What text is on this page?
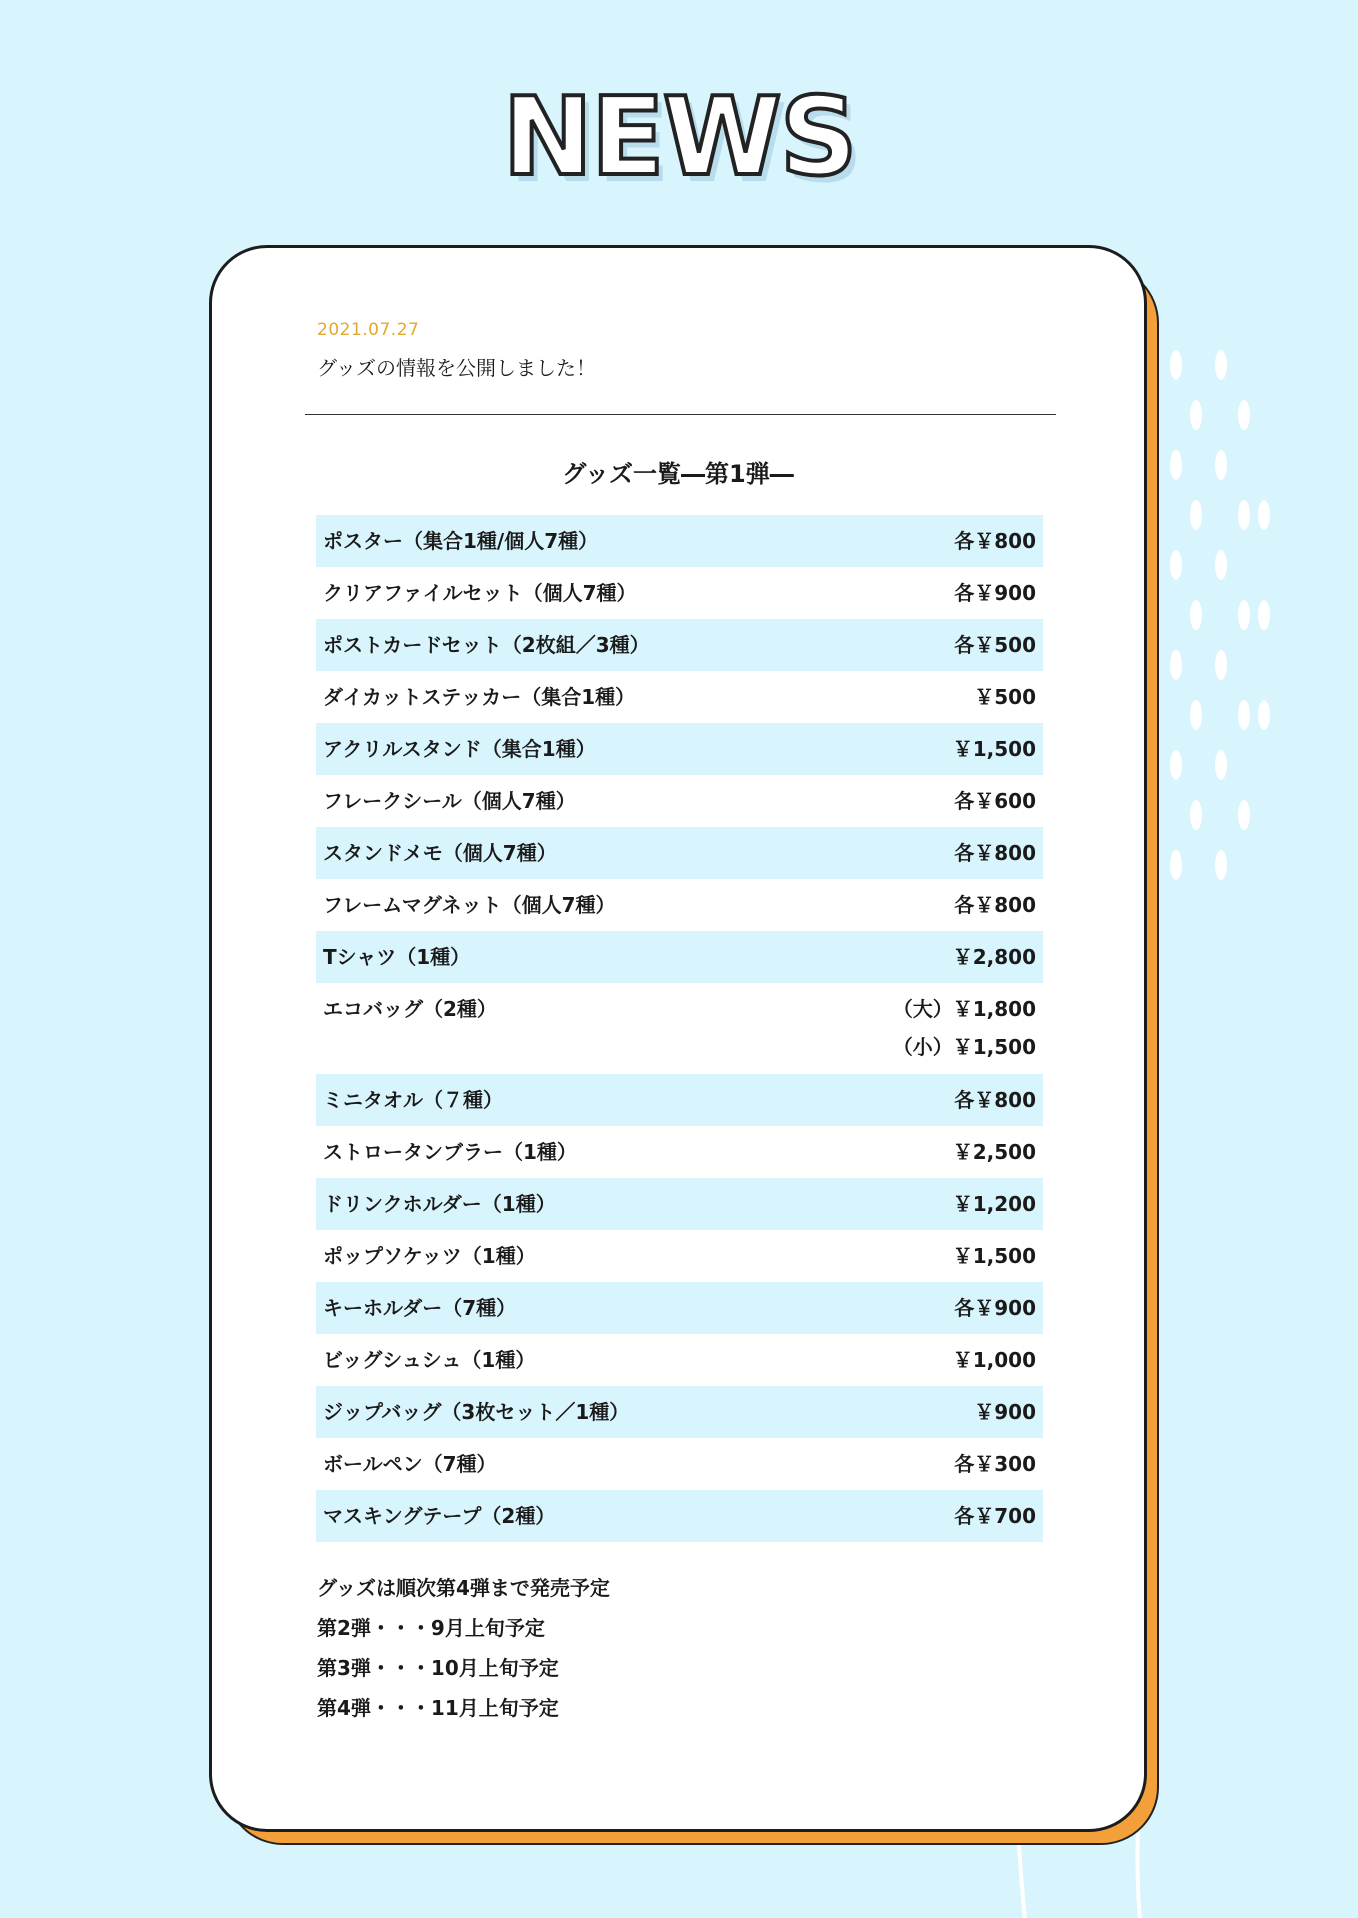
NEWS
2021.07.27
グッズの情報を公開しました！
グッズ一覧―第1弾―
ポスター（集合1種/個人7種）	各￥800
クリアファイルセット（個人7種）	各￥900
ポストカードセット（2枚組／3種）	各￥500
ダイカットステッカー（集合1種）	￥500
アクリルスタンド（集合1種）	￥1,500
フレークシール（個人7種）	各￥600
スタンドメモ（個人7種）	各￥800
フレームマグネット（個人7種）	各￥800
Tシャツ（1種）	￥2,800
エコバッグ（2種）	（大）￥1,800
（小）￥1,500
ミニタオル（７種）	各￥800
ストロータンブラー（1種）	￥2,500
ドリンクホルダー（1種）	￥1,200
ポップソケッツ（1種）	￥1,500
キーホルダー（7種）	各￥900
ビッグシュシュ（1種）	￥1,000
ジップバッグ（3枚セット／1種）	￥900
ボールペン（7種）	各￥300
マスキングテープ（2種）	各￥700
グッズは順次第4弾まで発売予定
第2弾・・・9月上旬予定
第3弾・・・10月上旬予定
第4弾・・・11月上旬予定
